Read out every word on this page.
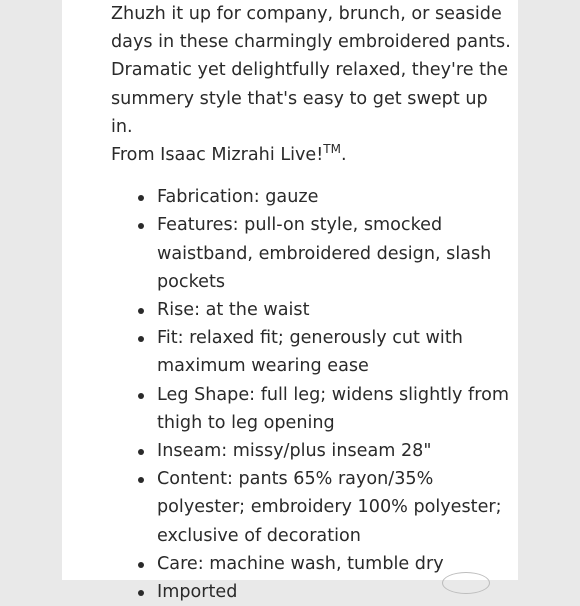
Zhuzh it up for company, brunch, or seaside
days in these charmingly embroidered pants.
Dramatic yet delightfully relaxed, they're the
summery style that's easy to get swept up in.
From Isaac Mizrahi Live!™.

Fabrication: gauze
Features: pull-on style, smocked
waistband, embroidered design, slash
pockets
Rise: at the waist
Fit: relaxed fit; generously cut with
maximum wearing ease
Leg Shape: full leg; widens slightly from
thigh to leg opening
Inseam: missy/plus inseam 28"
Content: pants 65% rayon/35%
polyester; embroidery 100% polyester;
exclusive of decoration
Care: machine wash, tumble dry
Imported
